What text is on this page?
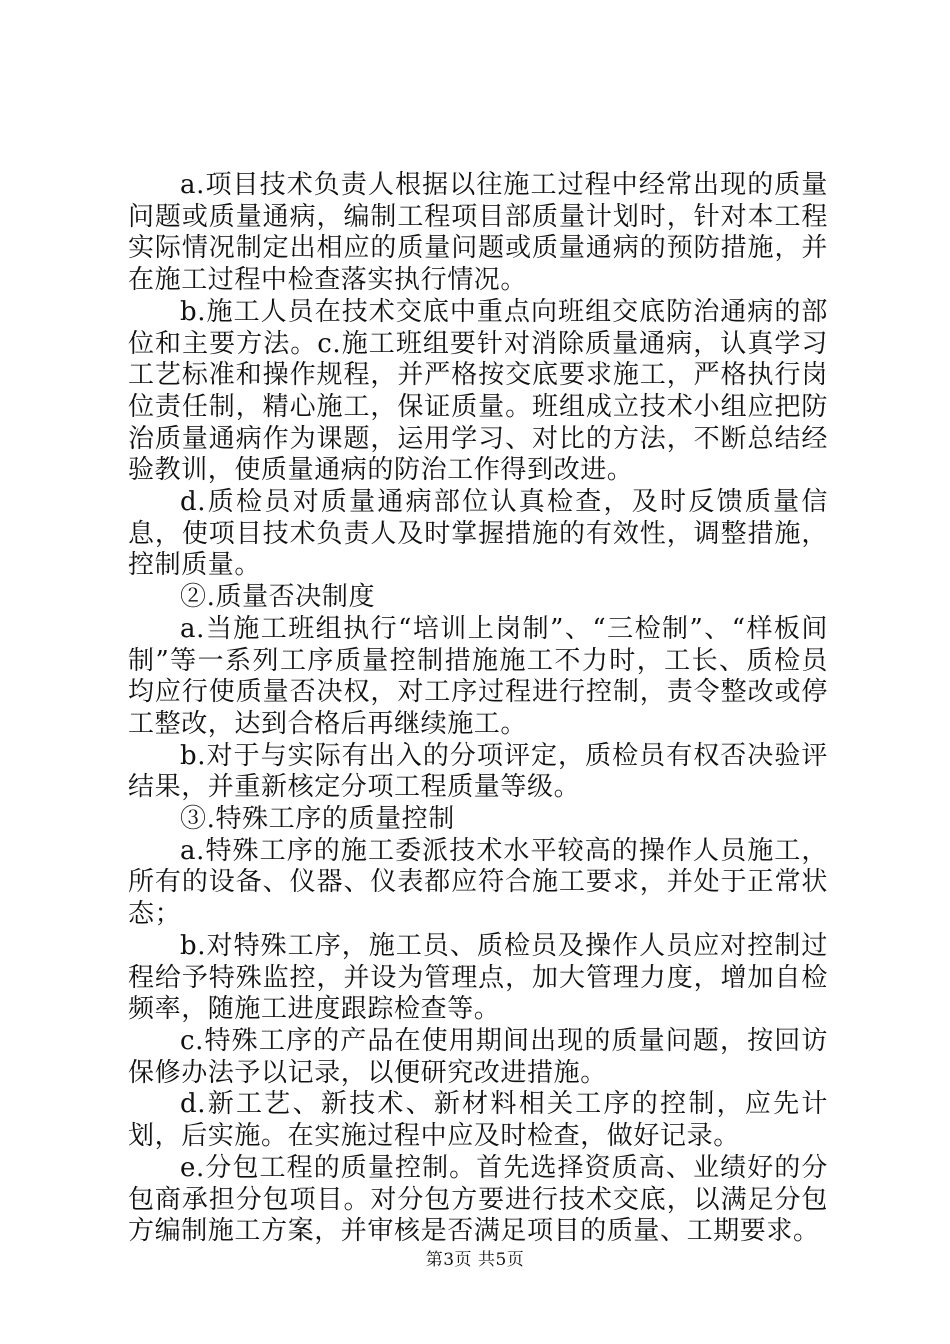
a.项目技术负责人根据以往施工过程中经常出现的质量问题或质量通病，编制工程项目部质量计划时，针对本工程实际情况制定出相应的质量问题或质量通病的预防措施，并在施工过程中检查落实执行情况。

b.施工人员在技术交底中重点向班组交底防治通病的部位和主要方法。c.施工班组要针对消除质量通病，认真学习工艺标准和操作规程，并严格按交底要求施工，严格执行岗位责任制，精心施工，保证质量。班组成立技术小组应把防治质量通病作为课题，运用学习、对比的方法，不断总结经验教训，使质量通病的防治工作得到改进。

d.质检员对质量通病部位认真检查，及时反馈质量信息，使项目技术负责人及时掌握措施的有效性，调整措施，控制质量。

②.质量否决制度

a.当施工班组执行“培训上岗制”、“三检制”、“样板间制”等一系列工序质量控制措施施工不力时，工长、质检员均应行使质量否决权，对工序过程进行控制，责令整改或停工整改，达到合格后再继续施工。

b.对于与实际有出入的分项评定，质检员有权否决验评结果，并重新核定分项工程质量等级。

③.特殊工序的质量控制

a.特殊工序的施工委派技术水平较高的操作人员施工，所有的设备、仪器、仪表都应符合施工要求，并处于正常状态；

b.对特殊工序，施工员、质检员及操作人员应对控制过程给予特殊监控，并设为管理点，加大管理力度，增加自检频率，随施工进度跟踪检查等。

c.特殊工序的产品在使用期间出现的质量问题，按回访保修办法予以记录，以便研究改进措施。

d.新工艺、新技术、新材料相关工序的控制，应先计划，后实施。在实施过程中应及时检查，做好记录。

e.分包工程的质量控制。首先选择资质高、业绩好的分包商承担分包项目。对分包方要进行技术交底，以满足分包方编制施工方案，并审核是否满足项目的质量、工期要求。

第3页 共5页
